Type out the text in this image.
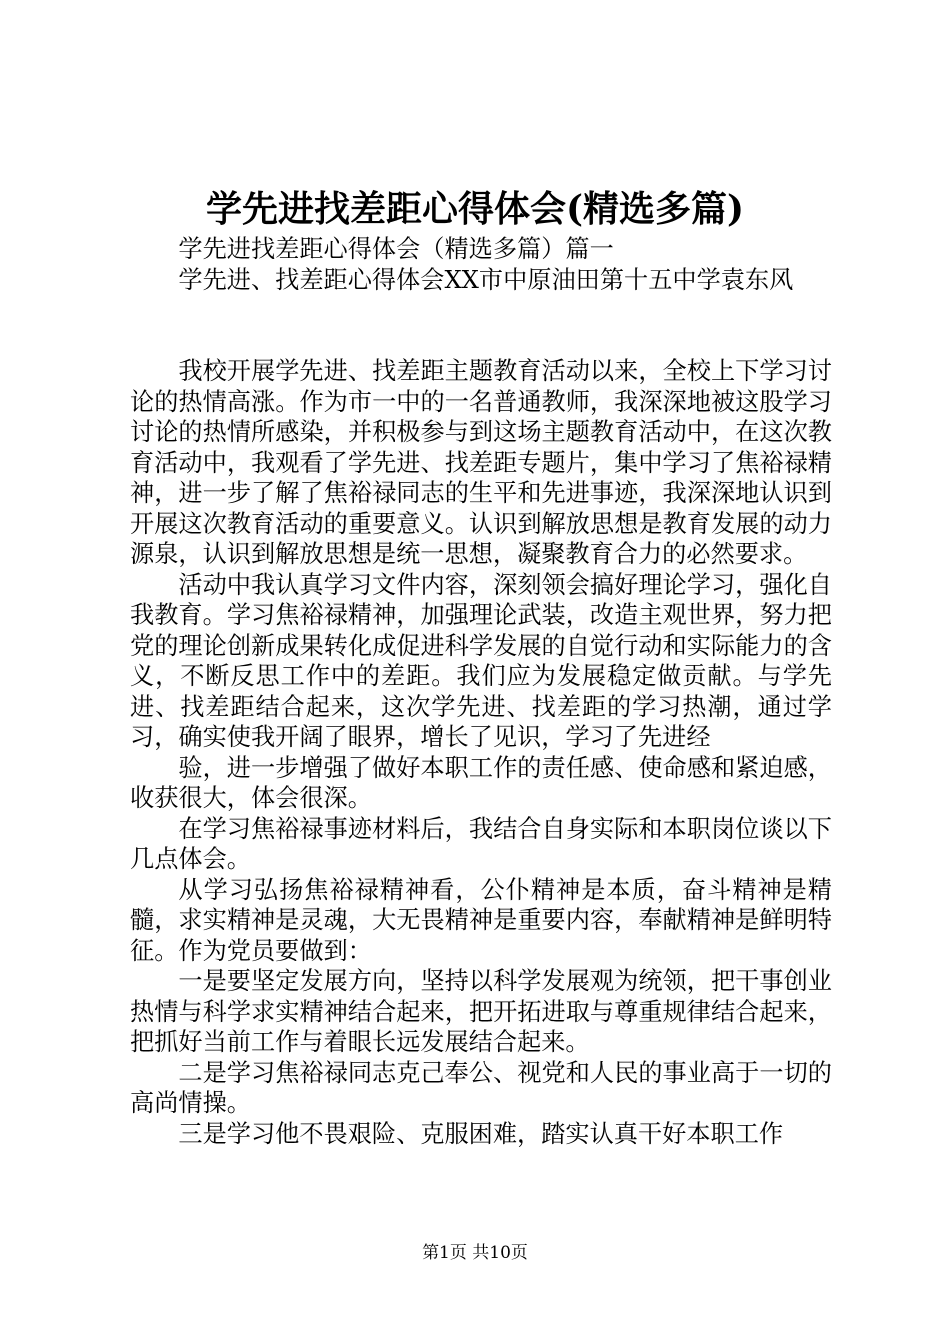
学先进找差距心得体会(精选多篇)

学先进找差距心得体会（精选多篇）篇一

学先进、找差距心得体会XX市中原油田第十五中学袁东风

我校开展学先进、找差距主题教育活动以来，全校上下学习讨论的热情高涨。作为市一中的一名普通教师，我深深地被这股学习讨论的热情所感染，并积极参与到这场主题教育活动中，在这次教育活动中，我观看了学先进、找差距专题片，集中学习了焦裕禄精神，进一步了解了焦裕禄同志的生平和先进事迹，我深深地认识到开展这次教育活动的重要意义。认识到解放思想是教育发展的动力源泉，认识到解放思想是统一思想，凝聚教育合力的必然要求。

活动中我认真学习文件内容，深刻领会搞好理论学习，强化自我教育。学习焦裕禄精神，加强理论武装，改造主观世界，努力把党的理论创新成果转化成促进科学发展的自觉行动和实际能力的含义，不断反思工作中的差距。我们应为发展稳定做贡献。与学先进、找差距结合起来，这次学先进、找差距的学习热潮，通过学习，确实使我开阔了眼界，增长了见识，学习了先进经

验，进一步增强了做好本职工作的责任感、使命感和紧迫感，收获很大，体会很深。

在学习焦裕禄事迹材料后，我结合自身实际和本职岗位谈以下几点体会。

从学习弘扬焦裕禄精神看，公仆精神是本质，奋斗精神是精髓，求实精神是灵魂，大无畏精神是重要内容，奉献精神是鲜明特征。作为党员要做到：

一是要坚定发展方向，坚持以科学发展观为统领，把干事创业热情与科学求实精神结合起来，把开拓进取与尊重规律结合起来，把抓好当前工作与着眼长远发展结合起来。

二是学习焦裕禄同志克己奉公、视党和人民的事业高于一切的高尚情操。

三是学习他不畏艰险、克服困难，踏实认真干好本职工作

第1页 共10页
